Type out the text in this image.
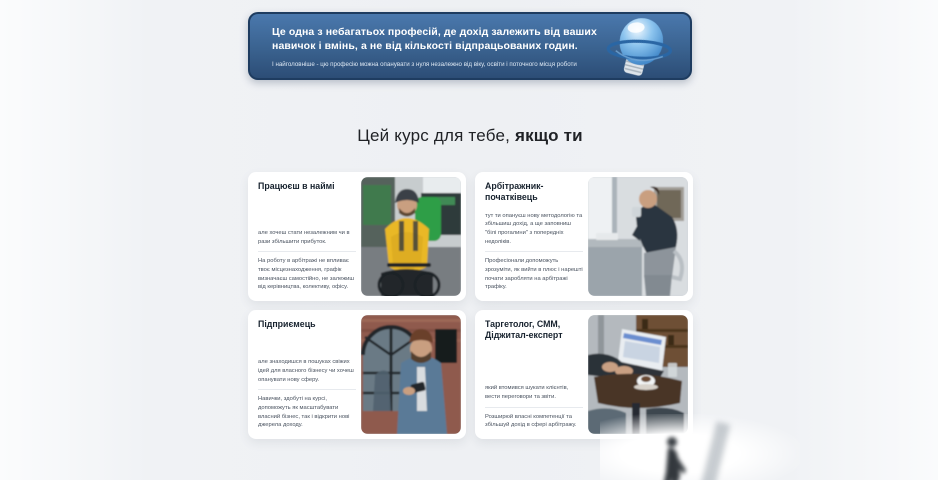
Це одна з небагатьох професій, де дохід залежить від ваших навичок і вмінь, а не від кількості відпрацьованих годин.
І найголовніше - цю професію можна опанувати з нуля незалежно від віку, освіти і поточного місця роботи
Цей курс для тебе, якщо ти
Працюєш в наймі

але хочеш стати незалежним чи в рази збільшити прибуток.

На роботу в арбітражі не впливає твоє місцезнаходження, графік визначаєш самостійно, не залежиш від керівництва, колективу, офісу.

Арбітражник-початківець

тут ти опануєш нову методологію та збільшиш дохід, а ще заповниш "білі прогалини" з попередніх недоліків.

Професіонали допоможуть зрозуміти, як вийти в плюс і нарешті почати заробляти на арбітражі трафіку.

Підприємець

але знаходишся в пошуках свіжих ідей для власного бізнесу чи хочеш опанувати нову сферу.

Навички, здобуті на курсі, допоможуть як масштабувати власний бізнес, так і відкрити нові джерела доходу.

Таргетолог, СММ, Діджитал-експерт

який втомився шукати клієнтів, вести переговори та звіти.

Розширюй власні компетенції та збільшуй дохід в сфері арбітражу.
